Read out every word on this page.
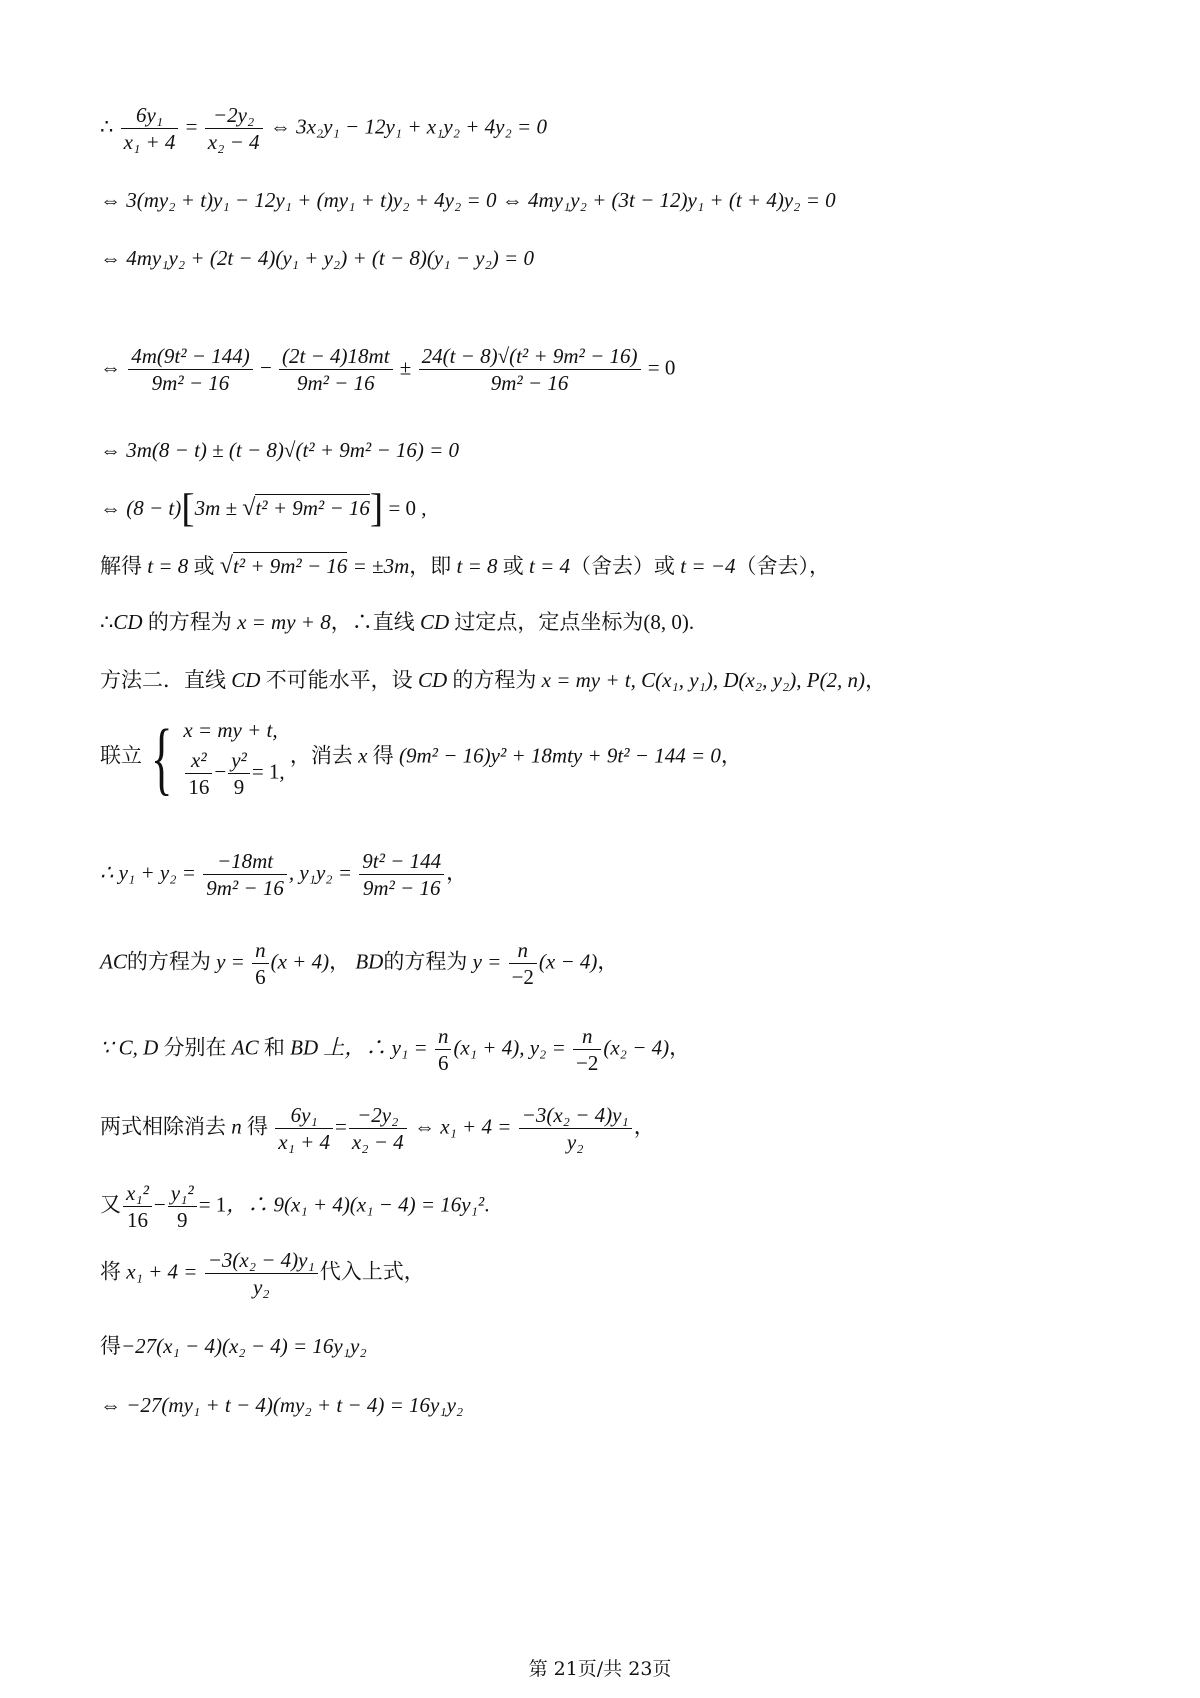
∴ $\frac{\text{6y₁}}{\text{x₁ + 4}} = \frac{\text{−2y₂}}{\text{x₂ − 4}}$ ⇔ 3x₂y₁ − 12y₁ + x₁y₂ + 4y₂ = 0
⇔ 3(my₂ + t)y₁ − 12y₁ + (my₁ + t)y₂ + 4y₂ = 0 ⇔ 4my₁y₂ + (3t − 12)y₁ + (t + 4)y₂ = 0
⇔ 4my₁y₂ + (2t − 4)(y₁ + y₂) + (t − 8)(y₁ − y₂) = 0
⇔ $\frac{\text{4m(9t² − 144)}}{\text{9m² − 16}} - \frac{(2t - 4)18mt}{\text{9m² − 16}} \pm \frac{\text{24(t − 8)√(t² + 9m² − 16)}}{\text{9m² − 16}} = 0$
⇔ 3m(8 − t) ± (t − 8)√(t² + 9m² − 16) = 0
⇔ (8 − t)[3m ± √t² + 9m² − 16] = 0 ,
解得 t = 8 或 √t² + 9m² − 16 = ±3m，即 t = 8 或 t = 4（舍去）或 t = −4（舍去），
∴CD 的方程为 x = my + 8，∴直线 CD 过定点，定点坐标为(8, 0).
方法二．直线 CD 不可能水平，设 CD 的方程为 x = my + t, C(x₁, y₁), D(x₂, y₂), P(2, n)，
联立 { x = my + t,
$\frac{\text{x²}}{16} - \frac{\text{y²}}{9} = 1$,
，消去 x 得 (9m² − 16)y² + 18mty + 9t² − 144 = 0，
∴ $y_1 + y_2 = \frac{-18mt}{\text{9m² − 16}}$ , $y_1y_2 = \frac{\text{9t² − 144}}{\text{9m² − 16}}$ ，
AC的方程为 $y = \frac{n}{6} (x + 4)$， BD的方程为 $y = \frac{n}{-2} (x - 4)$，
∵ C, D 分别在 AC 和 BD 上，∴ $y_1 = \frac{n}{6} (x_1 + 4)$, $y_2 = \frac{n}{-2} (x_2 - 4)$，
两式相除消去 n 得 $\frac{\text{6y₁}}{\text{x₁ + 4}} = \frac{\text{−2y₂}}{\text{x₂ − 4}}$ ⇔ $x_1 + 4 = \frac{\text{−3(x₂ − 4)y₁}}{\text{y₂}}$ ，
又 $\frac{\text{x₁²}}{16} - \frac{\text{y₁²}}{9} = 1$，∴ 9(x₁ + 4)(x₁ − 4) = 16y₁².
将 $x_1 + 4 = \frac{\text{−3(x₂ − 4)y₁}}{\text{y₂}}$ 代入上式，
得−27(x₁ − 4)(x₂ − 4) = 16y₁y₂
⇔ −27(my₁ + t − 4)(my₂ + t − 4) = 16y₁y₂
第 21页/共 23页
